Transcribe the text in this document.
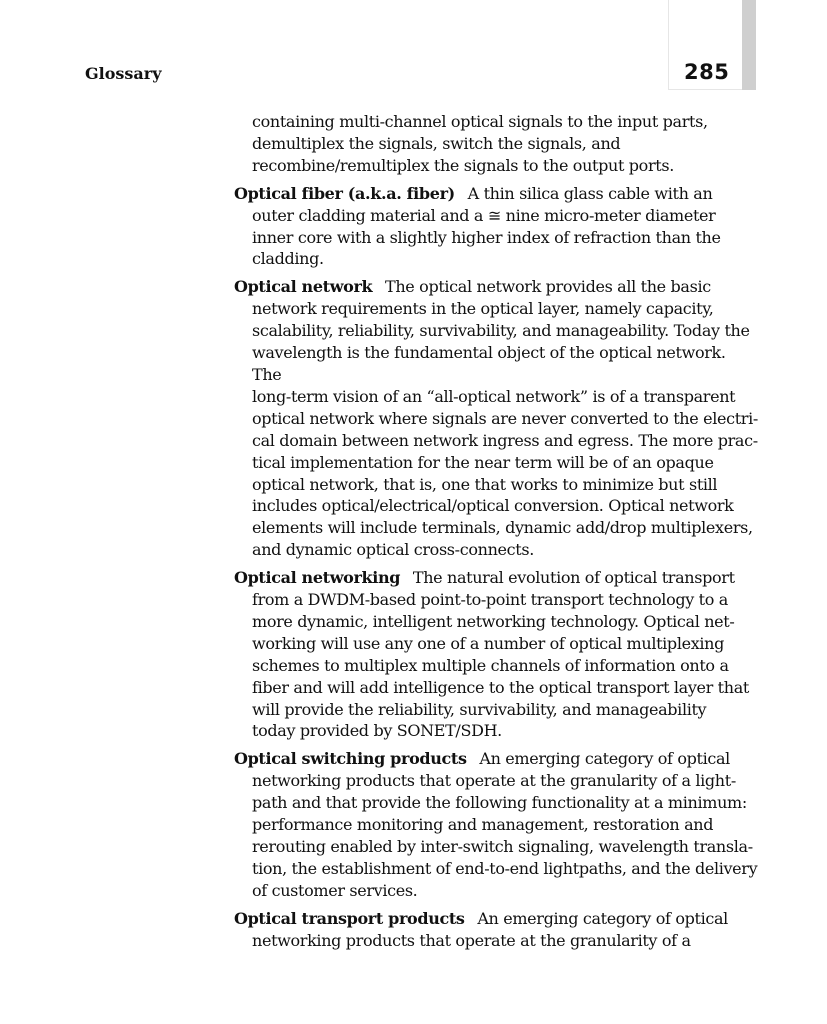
Glossary	285

containing multi-channel optical signals to the input parts,
demultiplex the signals, switch the signals, and
recombine/remultiplex the signals to the output ports.

Optical fiber (a.k.a. fiber) A thin silica glass cable with an
outer cladding material and a ≅ nine micro-meter diameter
inner core with a slightly higher index of refraction than the
cladding.

Optical network The optical network provides all the basic
network requirements in the optical layer, namely capacity,
scalability, reliability, survivability, and manageability. Today the
wavelength is the fundamental object of the optical network. The
long-term vision of an “all-optical network” is of a transparent
optical network where signals are never converted to the electri-
cal domain between network ingress and egress. The more prac-
tical implementation for the near term will be of an opaque
optical network, that is, one that works to minimize but still
includes optical/electrical/optical conversion. Optical network
elements will include terminals, dynamic add/drop multiplexers,
and dynamic optical cross-connects.

Optical networking The natural evolution of optical transport
from a DWDM-based point-to-point transport technology to a
more dynamic, intelligent networking technology. Optical net-
working will use any one of a number of optical multiplexing
schemes to multiplex multiple channels of information onto a
fiber and will add intelligence to the optical transport layer that
will provide the reliability, survivability, and manageability
today provided by SONET/SDH.

Optical switching products An emerging category of optical
networking products that operate at the granularity of a light-
path and that provide the following functionality at a minimum:
performance monitoring and management, restoration and
rerouting enabled by inter-switch signaling, wavelength transla-
tion, the establishment of end-to-end lightpaths, and the delivery
of customer services.

Optical transport products An emerging category of optical
networking products that operate at the granularity of a
